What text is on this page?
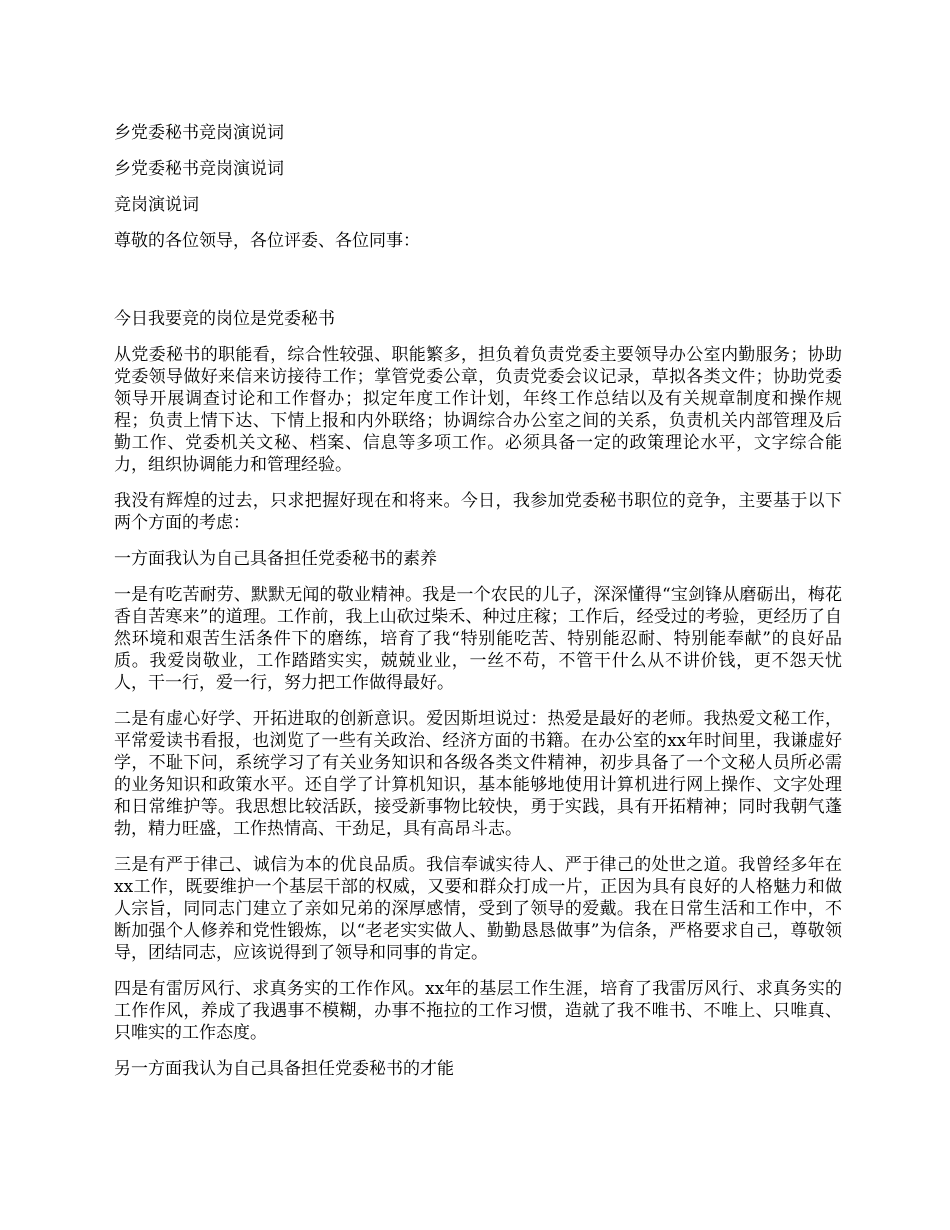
乡党委秘书竞岗演说词

乡党委秘书竞岗演说词

竞岗演说词

尊敬的各位领导，各位评委、各位同事：

今日我要竞的岗位是党委秘书

从党委秘书的职能看，综合性较强、职能繁多，担负着负责党委主要领导办公室内勤服务；协助党委领导做好来信来访接待工作；掌管党委公章，负责党委会议记录，草拟各类文件；协助党委领导开展调查讨论和工作督办；拟定年度工作计划，年终工作总结以及有关规章制度和操作规程；负责上情下达、下情上报和内外联络；协调综合办公室之间的关系，负责机关内部管理及后勤工作、党委机关文秘、档案、信息等多项工作。必须具备一定的政策理论水平，文字综合能力，组织协调能力和管理经验。

我没有辉煌的过去，只求把握好现在和将来。今日，我参加党委秘书职位的竞争，主要基于以下两个方面的考虑：

一方面我认为自己具备担任党委秘书的素养

一是有吃苦耐劳、默默无闻的敬业精神。我是一个农民的儿子，深深懂得“宝剑锋从磨砺出，梅花香自苦寒来”的道理。工作前，我上山砍过柴禾、种过庄稼；工作后，经受过的考验，更经历了自然环境和艰苦生活条件下的磨练，培育了我“特别能吃苦、特别能忍耐、特别能奉献”的良好品质。我爱岗敬业，工作踏踏实实，兢兢业业，一丝不苟，不管干什么从不讲价钱，更不怨天忧人，干一行，爱一行，努力把工作做得最好。

二是有虚心好学、开拓进取的创新意识。爱因斯坦说过：热爱是最好的老师。我热爱文秘工作，平常爱读书看报，也浏览了一些有关政治、经济方面的书籍。在办公室的xx年时间里，我谦虚好学，不耻下问，系统学习了有关业务知识和各级各类文件精神，初步具备了一个文秘人员所必需的业务知识和政策水平。还自学了计算机知识，基本能够地使用计算机进行网上操作、文字处理和日常维护等。我思想比较活跃，接受新事物比较快，勇于实践，具有开拓精神；同时我朝气蓬勃，精力旺盛，工作热情高、干劲足，具有高昂斗志。

三是有严于律己、诚信为本的优良品质。我信奉诚实待人、严于律己的处世之道。我曾经多年在xx工作，既要维护一个基层干部的权威，又要和群众打成一片，正因为具有良好的人格魅力和做人宗旨，同同志门建立了亲如兄弟的深厚感情，受到了领导的爱戴。我在日常生活和工作中，不断加强个人修养和党性锻炼，以“老老实实做人、勤勤恳恳做事”为信条，严格要求自己，尊敬领导，团结同志，应该说得到了领导和同事的肯定。

四是有雷厉风行、求真务实的工作作风。xx年的基层工作生涯，培育了我雷厉风行、求真务实的工作作风，养成了我遇事不模糊，办事不拖拉的工作习惯，造就了我不唯书、不唯上、只唯真、只唯实的工作态度。

另一方面我认为自己具备担任党委秘书的才能
